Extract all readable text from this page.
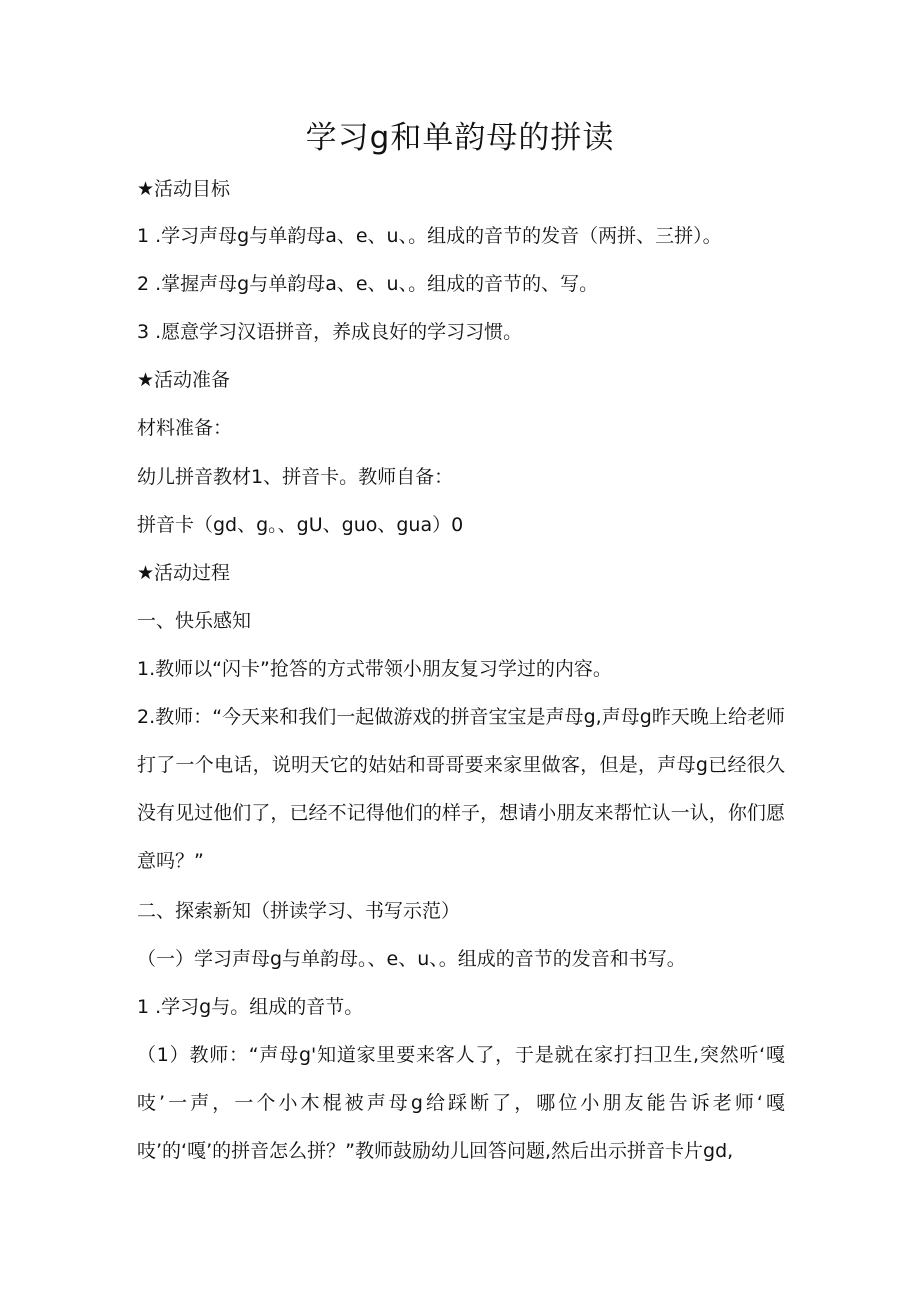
学习g和单韵母的拼读

★活动目标

1 .学习声母g与单韵母a、e、u、。组成的音节的发音（两拼、三拼）。

2 .掌握声母g与单韵母a、e、u、。组成的音节的、写。

3 .愿意学习汉语拼音，养成良好的学习习惯。

★活动准备

材料准备：

幼儿拼音教材1、拼音卡。教师自备：

拼音卡（gd、g。、gU、guo、gua）0

★活动过程

一、快乐感知

1.教师以“闪卡”抢答的方式带领小朋友复习学过的内容。

2.教师：“今天来和我们一起做游戏的拼音宝宝是声母g,声母g昨天晚上给老师打了一个电话，说明天它的姑姑和哥哥要来家里做客，但是，声母g已经很久没有见过他们了，已经不记得他们的样子，想请小朋友来帮忙认一认，你们愿意吗？”

二、探索新知（拼读学习、书写示范）

（一）学习声母g与单韵母。、e、u、。组成的音节的发音和书写。

1 .学习g与。组成的音节。

（1）教师：“声母g'知道家里要来客人了，于是就在家打扫卫生,突然听‘嘎吱’一声，一个小木棍被声母g给踩断了，哪位小朋友能告诉老师‘嘎吱’的‘嘎’的拼音怎么拼？”教师鼓励幼儿回答问题,然后出示拼音卡片gd,
